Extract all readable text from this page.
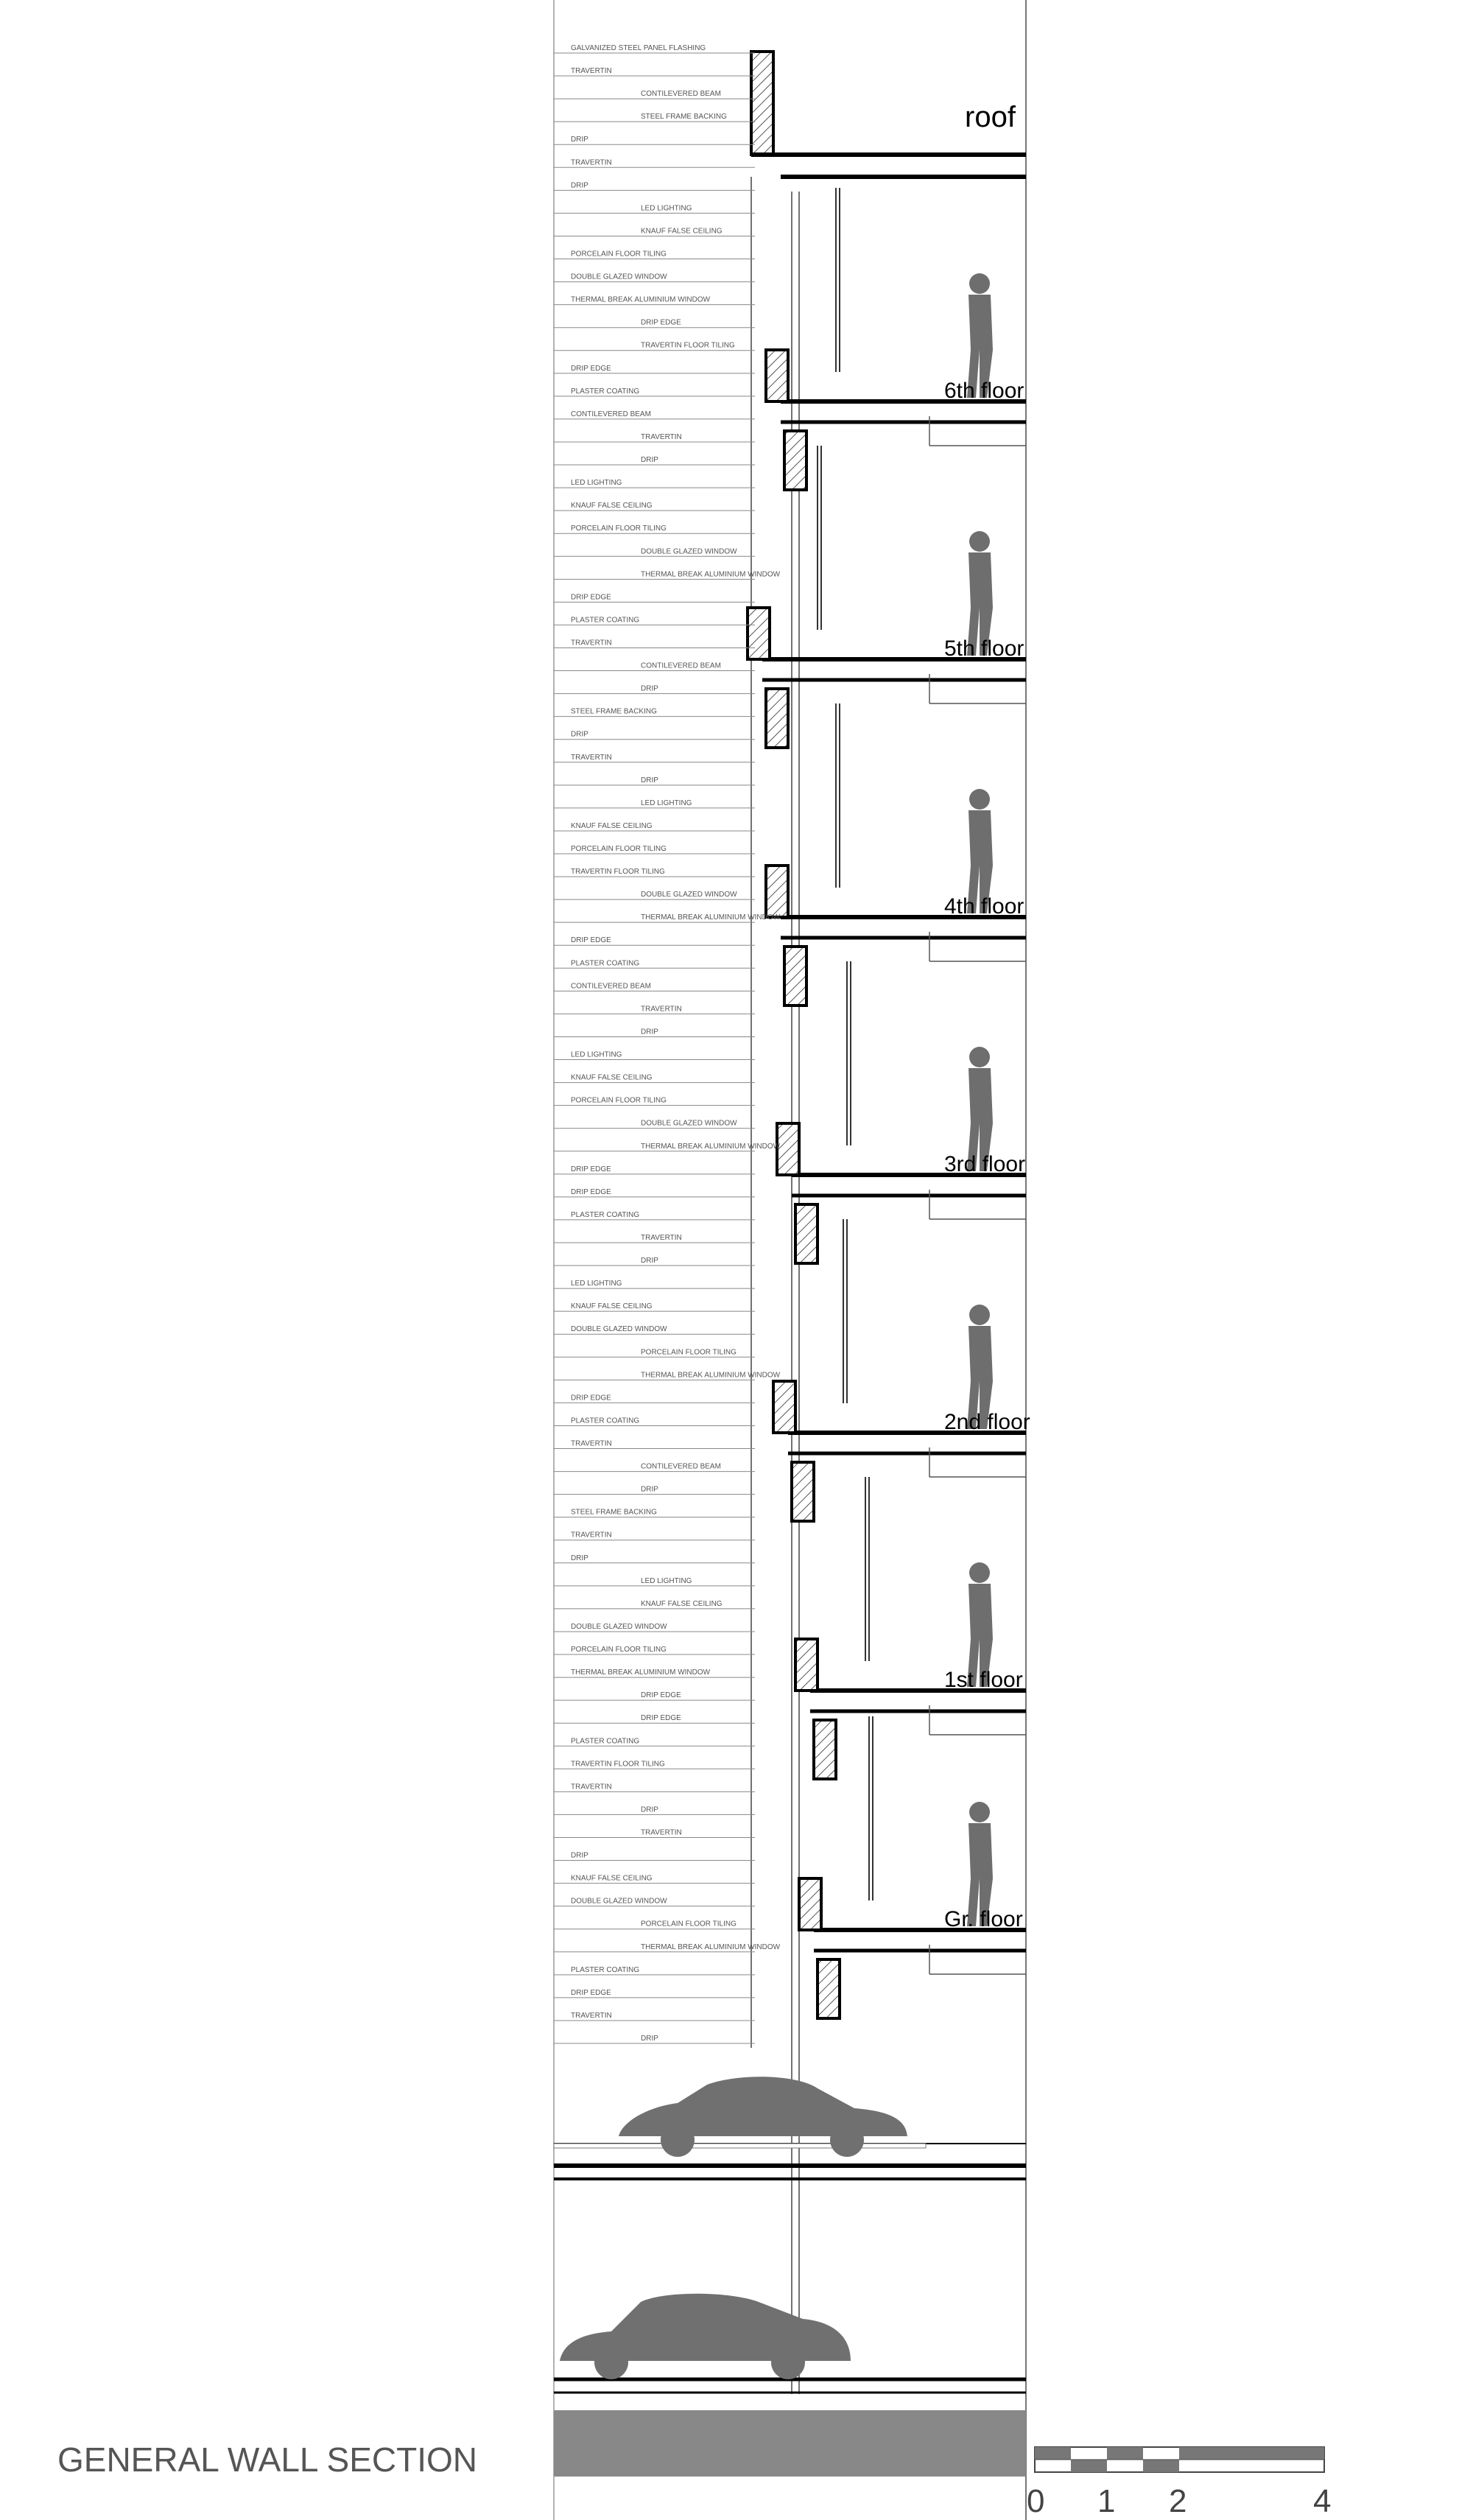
GALVANIZED STEEL PANEL FLASHING
TRAVERTIN
CONTILEVERED BEAM
STEEL FRAME BACKING
DRIP
TRAVERTIN
DRIP
LED LIGHTING
KNAUF FALSE CEILING
PORCELAIN FLOOR TILING
DOUBLE GLAZED WINDOW
THERMAL BREAK ALUMINIUM WINDOW
DRIP EDGE
TRAVERTIN FLOOR TILING
DRIP EDGE
PLASTER COATING
CONTILEVERED BEAM
TRAVERTIN
DRIP
LED LIGHTING
KNAUF FALSE CEILING
PORCELAIN FLOOR TILING
DOUBLE GLAZED WINDOW
THERMAL BREAK ALUMINIUM WINDOW
DRIP EDGE
PLASTER COATING
TRAVERTIN
CONTILEVERED BEAM
DRIP
STEEL FRAME BACKING
DRIP
TRAVERTIN
DRIP
LED LIGHTING
KNAUF FALSE CEILING
PORCELAIN FLOOR TILING
TRAVERTIN FLOOR TILING
DOUBLE GLAZED WINDOW
THERMAL BREAK ALUMINIUM WINDOW
DRIP EDGE
PLASTER COATING
CONTILEVERED BEAM
TRAVERTIN
DRIP
LED LIGHTING
KNAUF FALSE CEILING
PORCELAIN FLOOR TILING
DOUBLE GLAZED WINDOW
THERMAL BREAK ALUMINIUM WINDOW
DRIP EDGE
DRIP EDGE
PLASTER COATING
TRAVERTIN
DRIP
LED LIGHTING
KNAUF FALSE CEILING
DOUBLE GLAZED WINDOW
PORCELAIN FLOOR TILING
THERMAL BREAK ALUMINIUM WINDOW
DRIP EDGE
PLASTER COATING
TRAVERTIN
CONTILEVERED BEAM
DRIP
STEEL FRAME BACKING
TRAVERTIN
DRIP
LED LIGHTING
KNAUF FALSE CEILING
DOUBLE GLAZED WINDOW
PORCELAIN FLOOR TILING
THERMAL BREAK ALUMINIUM WINDOW
DRIP EDGE
DRIP EDGE
PLASTER COATING
TRAVERTIN FLOOR TILING
TRAVERTIN
DRIP
TRAVERTIN
DRIP
KNAUF FALSE CEILING
DOUBLE GLAZED WINDOW
PORCELAIN FLOOR TILING
THERMAL BREAK ALUMINIUM WINDOW
PLASTER COATING
DRIP EDGE
TRAVERTIN
DRIP
roof
6th floor
5th floor
4th floor
3rd floor
2nd floor
1st floor
Gr. floor
GENERAL WALL SECTION
0 1 2	4
